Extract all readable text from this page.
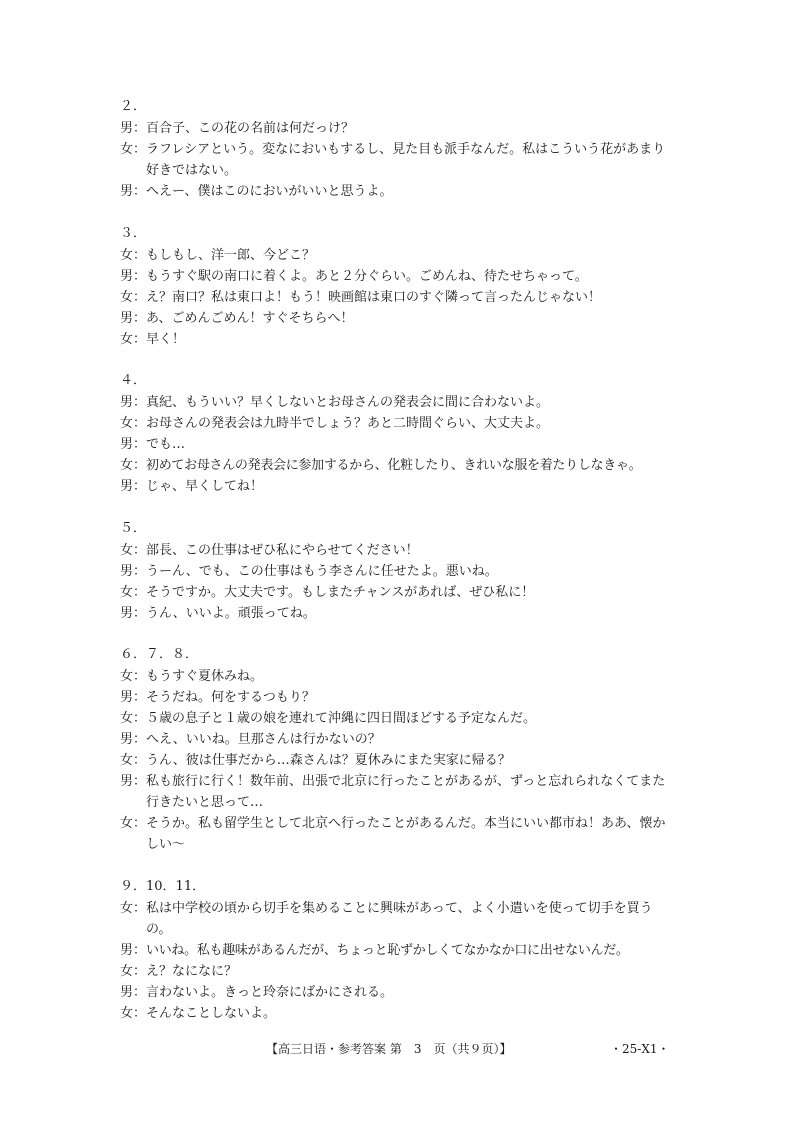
２．
男： 百合子、この花の名前は何だっけ？
女： ラフレシアという。変なにおいもするし、見た目も派手なんだ。私はこういう花があまり好きではない。
男： へえー、僕はこのにおいがいいと思うよ。
３．
女： もしもし、洋一郎、今どこ？
男： もうすぐ駅の南口に着くよ。あと２分ぐらい。ごめんね、待たせちゃって。
女： え？南口？私は東口よ！もう！映画館は東口のすぐ隣って言ったんじゃない！
男： あ、ごめんごめん！すぐそちらへ！
女： 早く！
４．
男： 真紀、もういい？早くしないとお母さんの発表会に間に合わないよ。
女： お母さんの発表会は九時半でしょう？あと二時間ぐらい、大丈夫よ。
男： でも…
女： 初めてお母さんの発表会に参加するから、化粧したり、きれいな服を着たりしなきゃ。
男： じゃ、早くしてね！
５．
女： 部長、この仕事はぜひ私にやらせてください！
男： うーん、でも、この仕事はもう李さんに任せたよ。悪いね。
女： そうですか。大丈夫です。もしまたチャンスがあれば、ぜひ私に！
男： うん、いいよ。頑張ってね。
６．７．８．
女： もうすぐ夏休みね。
男： そうだね。何をするつもり？
女： ５歳の息子と１歳の娘を連れて沖縄に四日間ほどする予定なんだ。
男： へえ、いいね。旦那さんは行かないの？
女： うん、彼は仕事だから…森さんは？夏休みにまた実家に帰る？
男： 私も旅行に行く！数年前、出張で北京に行ったことがあるが、ずっと忘れられなくてまた行きたいと思って…
女： そうか。私も留学生として北京へ行ったことがあるんだ。本当にいい都市ね！ああ、懐かしい～
９．10．11．
女： 私は中学校の頃から切手を集めることに興味があって、よく小遣いを使って切手を買うの。
男： いいね。私も趣味があるんだが、ちょっと恥ずかしくてなかなか口に出せないんだ。
女： え？なになに？
男： 言わないよ。きっと玲奈にばかにされる。
女： そんなことしないよ。
【高三日语・参考答案 第　3　页（共９页）】	・25-X1・
